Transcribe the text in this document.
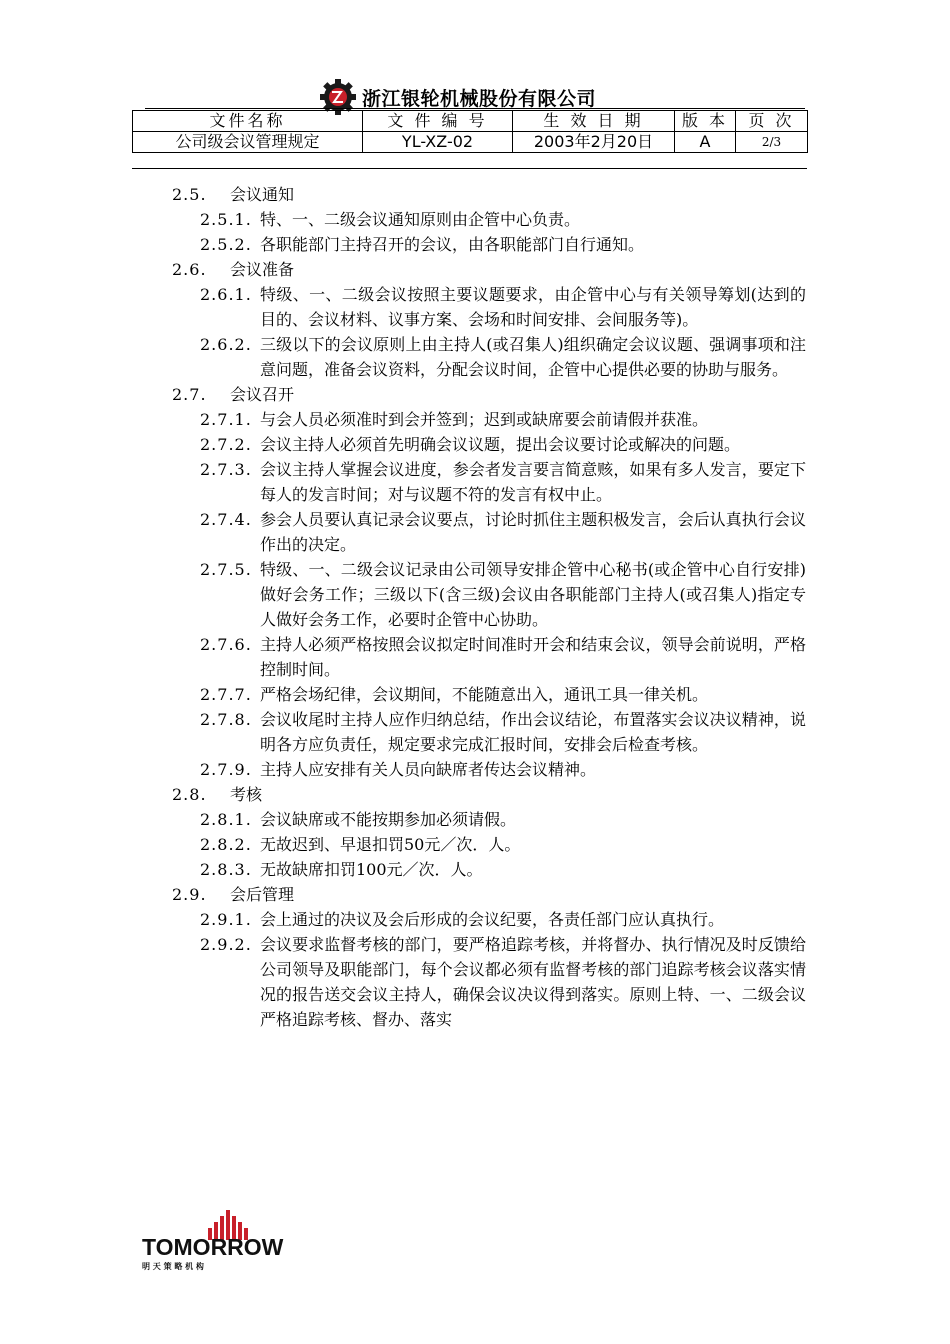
浙江银轮机械股份有限公司
文件名称	文 件 编 号	生 效 日 期	版 本	页 次
公司级会议管理规定	YL-XZ-02	2003年2月20日	A	2/3
2.5.	会议通知
2.5.1. 特、一、二级会议通知原则由企管中心负责。
2.5.2. 各职能部门主持召开的会议，由各职能部门自行通知。
2.6.	会议准备
2.6.1. 特级、一、二级会议按照主要议题要求，由企管中心与有关领导筹划(达到的目的、会议材料、议事方案、会场和时间安排、会间服务等)。
2.6.2. 三级以下的会议原则上由主持人(或召集人)组织确定会议议题、强调事项和注意问题，准备会议资料，分配会议时间，企管中心提供必要的协助与服务。
2.7.	会议召开
2.7.1. 与会人员必须准时到会并签到；迟到或缺席要会前请假并获准。
2.7.2. 会议主持人必须首先明确会议议题，提出会议要讨论或解决的问题。
2.7.3. 会议主持人掌握会议进度，参会者发言要言简意赅，如果有多人发言，要定下每人的发言时间；对与议题不符的发言有权中止。
2.7.4. 参会人员要认真记录会议要点，讨论时抓住主题积极发言，会后认真执行会议作出的决定。
2.7.5. 特级、一、二级会议记录由公司领导安排企管中心秘书(或企管中心自行安排)做好会务工作；三级以下(含三级)会议由各职能部门主持人(或召集人)指定专人做好会务工作，必要时企管中心协助。
2.7.6. 主持人必须严格按照会议拟定时间准时开会和结束会议，领导会前说明，严格控制时间。
2.7.7. 严格会场纪律，会议期间，不能随意出入，通讯工具一律关机。
2.7.8. 会议收尾时主持人应作归纳总结，作出会议结论，布置落实会议决议精神，说明各方应负责任，规定要求完成汇报时间，安排会后检查考核。
2.7.9. 主持人应安排有关人员向缺席者传达会议精神。
2.8.	考核
2.8.1. 会议缺席或不能按期参加必须请假。
2.8.2. 无故迟到、早退扣罚50元／次．人。
2.8.3. 无故缺席扣罚100元／次．人。
2.9.	会后管理
2.9.1. 会上通过的决议及会后形成的会议纪要，各责任部门应认真执行。
2.9.2. 会议要求监督考核的部门，要严格追踪考核，并将督办、执行情况及时反馈给公司领导及职能部门，每个会议都必须有监督考核的部门追踪考核会议落实情况的报告送交会议主持人，确保会议决议得到落实。原则上特、一、二级会议严格追踪考核、督办、落实
TOMORROW
明 天 策 略 机 构
